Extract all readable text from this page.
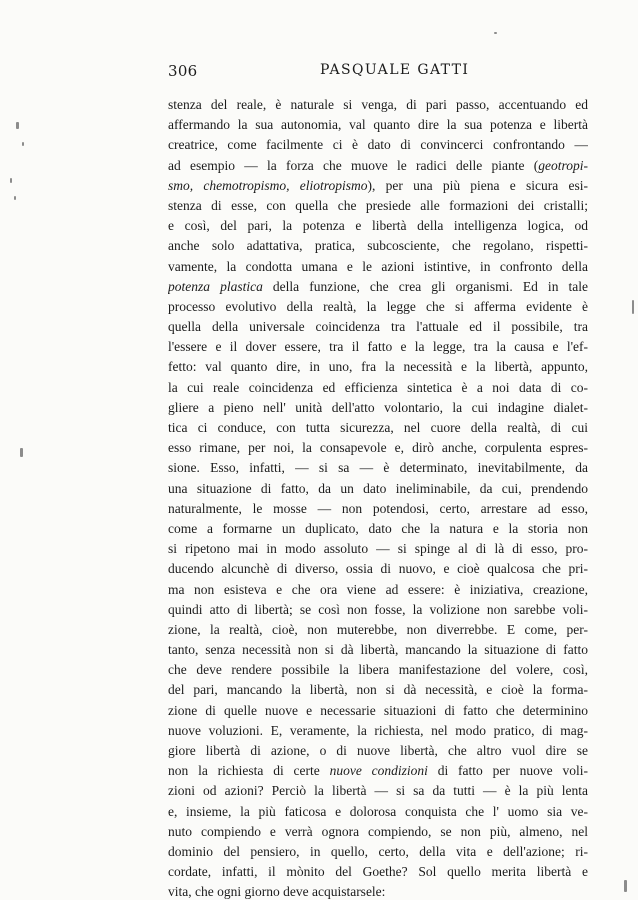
306	PASQUALE GATTI
stenza del reale, è naturale si venga, di pari passo, accentuando ed
affermando la sua autonomia, val quanto dire la sua potenza e libertà
creatrice, come facilmente ci è dato di convincerci confrontando —
ad esempio — la forza che muove le radici delle piante (geotropi-
smo, chemotropismo, eliotropismo), per una più piena e sicura esi-
stenza di esse, con quella che presiede alle formazioni dei cristalli;
e così, del pari, la potenza e libertà della intelligenza logica, od
anche solo adattativa, pratica, subcosciente, che regolano, rispetti-
vamente, la condotta umana e le azioni istintive, in confronto della
potenza plastica della funzione, che crea gli organismi. Ed in tale
processo evolutivo della realtà, la legge che si afferma evidente è
quella della universale coincidenza tra l'attuale ed il possibile, tra
l'essere e il dover essere, tra il fatto e la legge, tra la causa e l'ef-
fetto: val quanto dire, in uno, fra la necessità e la libertà, appunto,
la cui reale coincidenza ed efficienza sintetica è a noi data di co-
gliere a pieno nell' unità dell'atto volontario, la cui indagine dialet-
tica ci conduce, con tutta sicurezza, nel cuore della realtà, di cui
esso rimane, per noi, la consapevole e, dirò anche, corpulenta espres-
sione. Esso, infatti, — si sa — è determinato, inevitabilmente, da
una situazione di fatto, da un dato ineliminabile, da cui, prendendo
naturalmente, le mosse — non potendosi, certo, arrestare ad esso,
come a formarne un duplicato, dato che la natura e la storia non
si ripetono mai in modo assoluto — si spinge al di là di esso, pro-
ducendo alcunchè di diverso, ossia di nuovo, e cioè qualcosa che pri-
ma non esisteva e che ora viene ad essere: è iniziativa, creazione,
quindi atto di libertà; se così non fosse, la volizione non sarebbe voli-
zione, la realtà, cioè, non muterebbe, non diverrebbe. E come, per-
tanto, senza necessità non si dà libertà, mancando la situazione di fatto
che deve rendere possibile la libera manifestazione del volere, così,
del pari, mancando la libertà, non si dà necessità, e cioè la forma-
zione di quelle nuove e necessarie situazioni di fatto che determinino
nuove voluzioni. E, veramente, la richiesta, nel modo pratico, di mag-
giore libertà di azione, o di nuove libertà, che altro vuol dire se
non la richiesta di certe nuove condizioni di fatto per nuove voli-
zioni od azioni? Perciò la libertà — si sa da tutti — è la più lenta
e, insieme, la più faticosa e dolorosa conquista che l' uomo sia ve-
nuto compiendo e verrà ognora compiendo, se non più, almeno, nel
dominio del pensiero, in quello, certo, della vita e dell'azione; ri-
cordate, infatti, il mònito del Goethe? Sol quello merita libertà e
vita, che ogni giorno deve acquistarsele:
